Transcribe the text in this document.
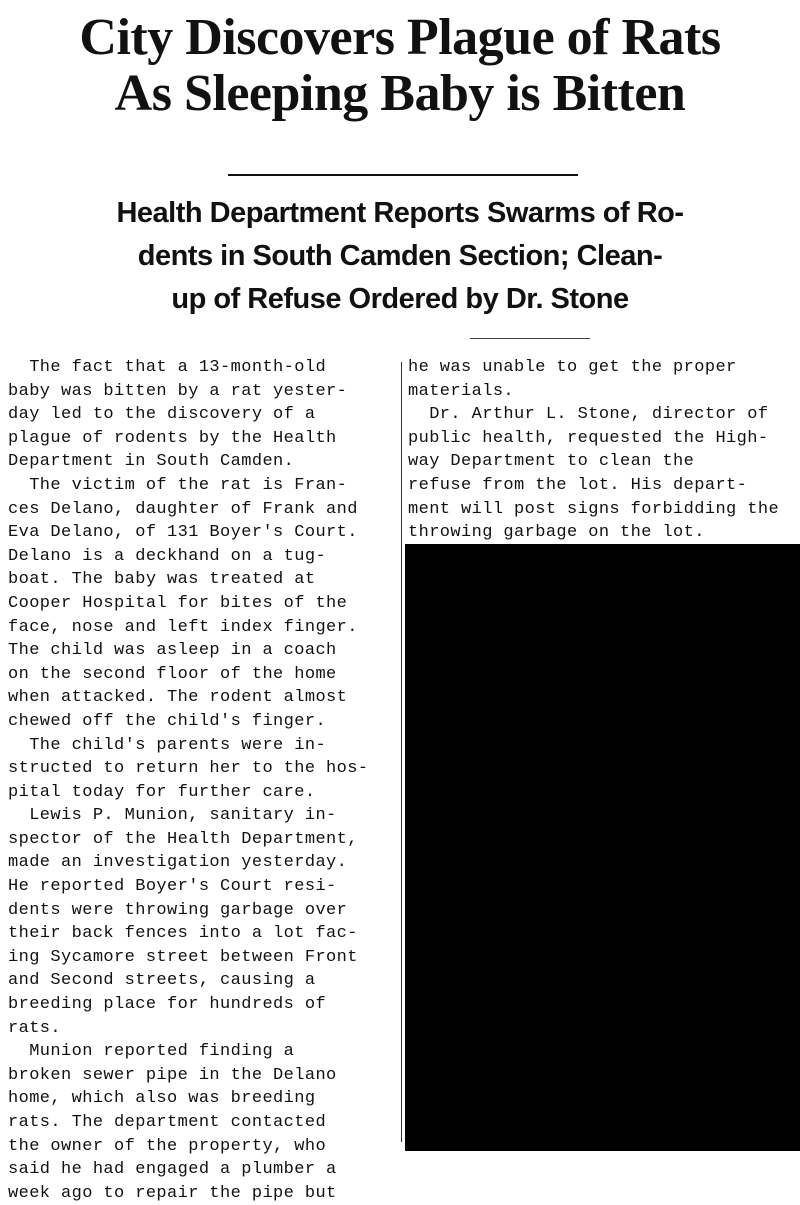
City Discovers Plague of Rats
As Sleeping Baby is Bitten
Health Department Reports Swarms of Ro-
dents in South Camden Section; Clean-
up of Refuse Ordered by Dr. Stone
The fact that a 13-month-old
baby was bitten by a rat yester-
day led to the discovery of a
plague of rodents by the Health
Department in South Camden.
The victim of the rat is Fran-
ces Delano, daughter of Frank and
Eva Delano, of 131 Boyer's Court.
Delano is a deckhand on a tug-
boat. The baby was treated at
Cooper Hospital for bites of the
face, nose and left index finger.
The child was asleep in a coach
on the second floor of the home
when attacked. The rodent almost
chewed off the child's finger.
The child's parents were in-
structed to return her to the hos-
pital today for further care.
Lewis P. Munion, sanitary in-
spector of the Health Department,
made an investigation yesterday.
He reported Boyer's Court resi-
dents were throwing garbage over
their back fences into a lot fac-
ing Sycamore street between Front
and Second streets, causing a
breeding place for hundreds of
rats.
Munion reported finding a
broken sewer pipe in the Delano
home, which also was breeding
rats. The department contacted
the owner of the property, who
said he had engaged a plumber a
week ago to repair the pipe but
he was unable to get the proper
materials.
Dr. Arthur L. Stone, director of
public health, requested the High-
way Department to clean the
refuse from the lot. His depart-
ment will post signs forbidding the
throwing garbage on the lot.
